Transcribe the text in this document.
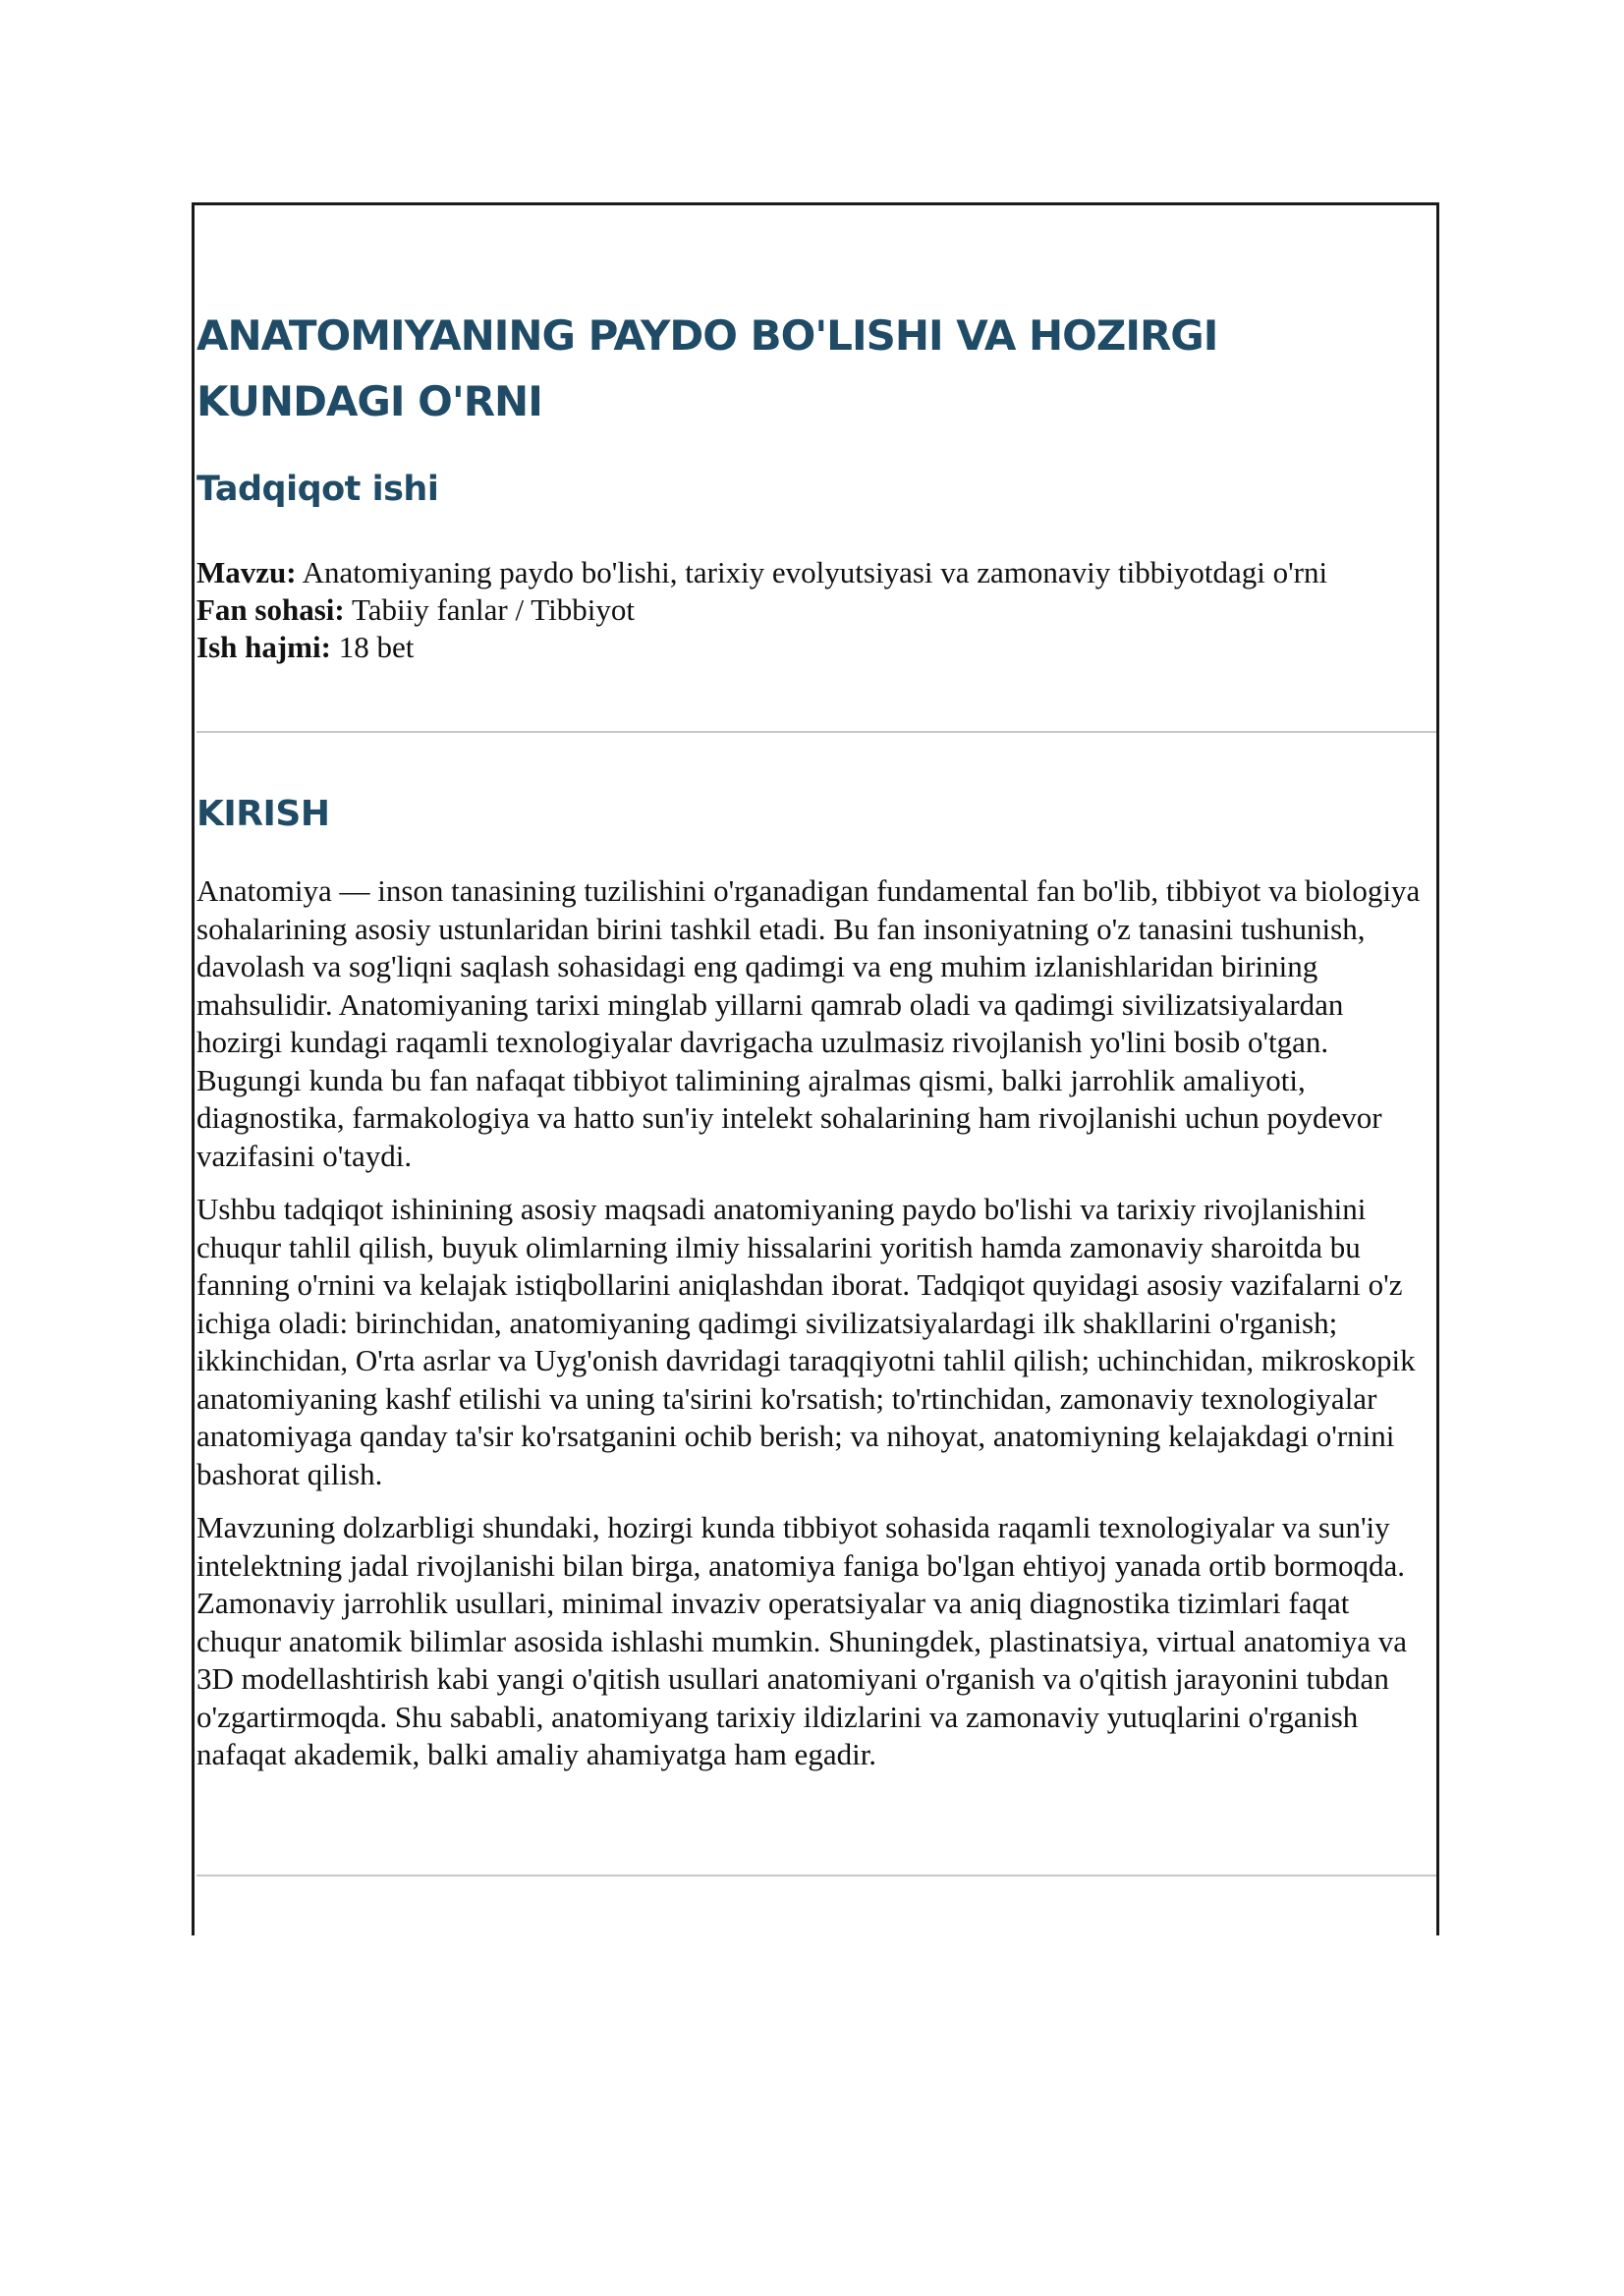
ANATOMIYANING PAYDO BO'LISHI VA HOZIRGI KUNDAGI O'RNI
Tadqiqot ishi
Mavzu: Anatomiyaning paydo bo'lishi, tarixiy evolyutsiyasi va zamonaviy tibbiyotdagi o'rni
Fan sohasi: Tabiiy fanlar / Tibbiyot
Ish hajmi: 18 bet
KIRISH

Anatomiya — inson tanasining tuzilishini o'rganadigan fundamental fan bo'lib, tibbiyot va biologiya sohalarining asosiy ustunlaridan birini tashkil etadi. Bu fan insoniyatning o'z tanasini tushunish, davolash va sog'liqni saqlash sohasidagi eng qadimgi va eng muhim izlanishlaridan birining mahsulidir. Anatomiyaning tarixi minglab yillarni qamrab oladi va qadimgi sivilizatsiyalardan hozirgi kundagi raqamli texnologiyalar davrigacha uzulmasiz rivojlanish yo'lini bosib o'tgan. Bugungi kunda bu fan nafaqat tibbiyot talimining ajralmas qismi, balki jarrohlik amaliyoti, diagnostika, farmakologiya va hatto sun'iy intelekt sohalarining ham rivojlanishi uchun poydevor vazifasini o'taydi.

Ushbu tadqiqot ishinining asosiy maqsadi anatomiyaning paydo bo'lishi va tarixiy rivojlanishini chuqur tahlil qilish, buyuk olimlarning ilmiy hissalarini yoritish hamda zamonaviy sharoitda bu fanning o'rnini va kelajak istiqbollarini aniqlashdan iborat. Tadqiqot quyidagi asosiy vazifalarni o'z ichiga oladi: birinchidan, anatomiyaning qadimgi sivilizatsiyalardagi ilk shakllarini o'rganish; ikkinchidan, O'rta asrlar va Uyg'onish davridagi taraqqiyotni tahlil qilish; uchinchidan, mikroskopik anatomiyaning kashf etilishi va uning ta'sirini ko'rsatish; to'rtinchidan, zamonaviy texnologiyalar anatomiyaga qanday ta'sir ko'rsatganini ochib berish; va nihoyat, anatomiyning kelajakdagi o'rnini bashorat qilish.

Mavzuning dolzarbligi shundaki, hozirgi kunda tibbiyot sohasida raqamli texnologiyalar va sun'iy intelektning jadal rivojlanishi bilan birga, anatomiya faniga bo'lgan ehtiyoj yanada ortib bormoqda. Zamonaviy jarrohlik usullari, minimal invaziv operatsiyalar va aniq diagnostika tizimlari faqat chuqur anatomik bilimlar asosida ishlashi mumkin. Shuningdek, plastinatsiya, virtual anatomiya va 3D modellashtirish kabi yangi o'qitish usullari anatomiyani o'rganish va o'qitish jarayonini tubdan o'zgartirmoqda. Shu sababli, anatomiyang tarixiy ildizlarini va zamonaviy yutuqlarini o'rganish nafaqat akademik, balki amaliy ahamiyatga ham egadir.
